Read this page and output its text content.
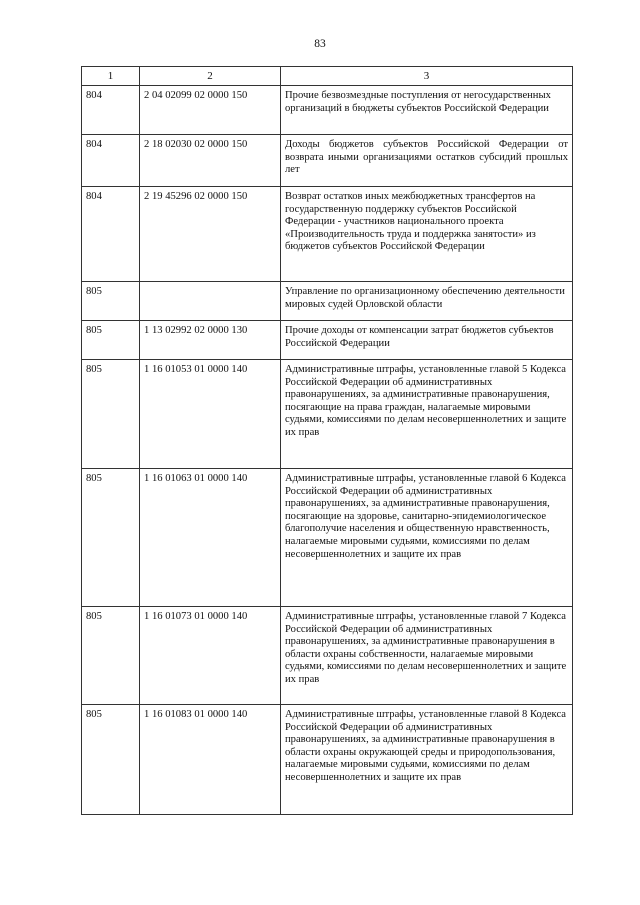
83
1	2	3
804	2 04 02099 02 0000 150	Прочие безвозмездные поступления от негосударственных организаций в бюджеты субъектов Российской Федерации
804	2 18 02030 02 0000 150	Доходы бюджетов субъектов Российской Федерации от возврата иными организациями остатков субсидий прошлых лет
804	2 19 45296 02 0000 150	Возврат остатков иных межбюджетных трансфертов на государственную поддержку субъектов Российской Федерации - участников национального проекта «Производительность труда и поддержка занятости» из бюджетов субъектов Российской Федерации
805		Управление по организационному обеспечению деятельности мировых судей Орловской области
805	1 13 02992 02 0000 130	Прочие доходы от компенсации затрат бюджетов субъектов Российской Федерации
805	1 16 01053 01 0000 140	Административные штрафы, установленные главой 5 Кодекса Российской Федерации об административных правонарушениях, за административные правонарушения, посягающие на права граждан, налагаемые мировыми судьями, комиссиями по делам несовершеннолетних и защите их прав
805	1 16 01063 01 0000 140	Административные штрафы, установленные главой 6 Кодекса Российской Федерации об административных правонарушениях, за административные правонарушения, посягающие на здоровье, санитарно-эпидемиологическое благополучие населения и общественную нравственность, налагаемые мировыми судьями, комиссиями по делам несовершеннолетних и защите их прав
805	1 16 01073 01 0000 140	Административные штрафы, установленные главой 7 Кодекса Российской Федерации об административных правонарушениях, за административные правонарушения в области охраны собственности, налагаемые мировыми судьями, комиссиями по делам несовершеннолетних и защите их прав
805	1 16 01083 01 0000 140	Административные штрафы, установленные главой 8 Кодекса Российской Федерации об административных правонарушениях, за административные правонарушения в области охраны окружающей среды и природопользования, налагаемые мировыми судьями, комиссиями по делам несовершеннолетних и защите их прав
